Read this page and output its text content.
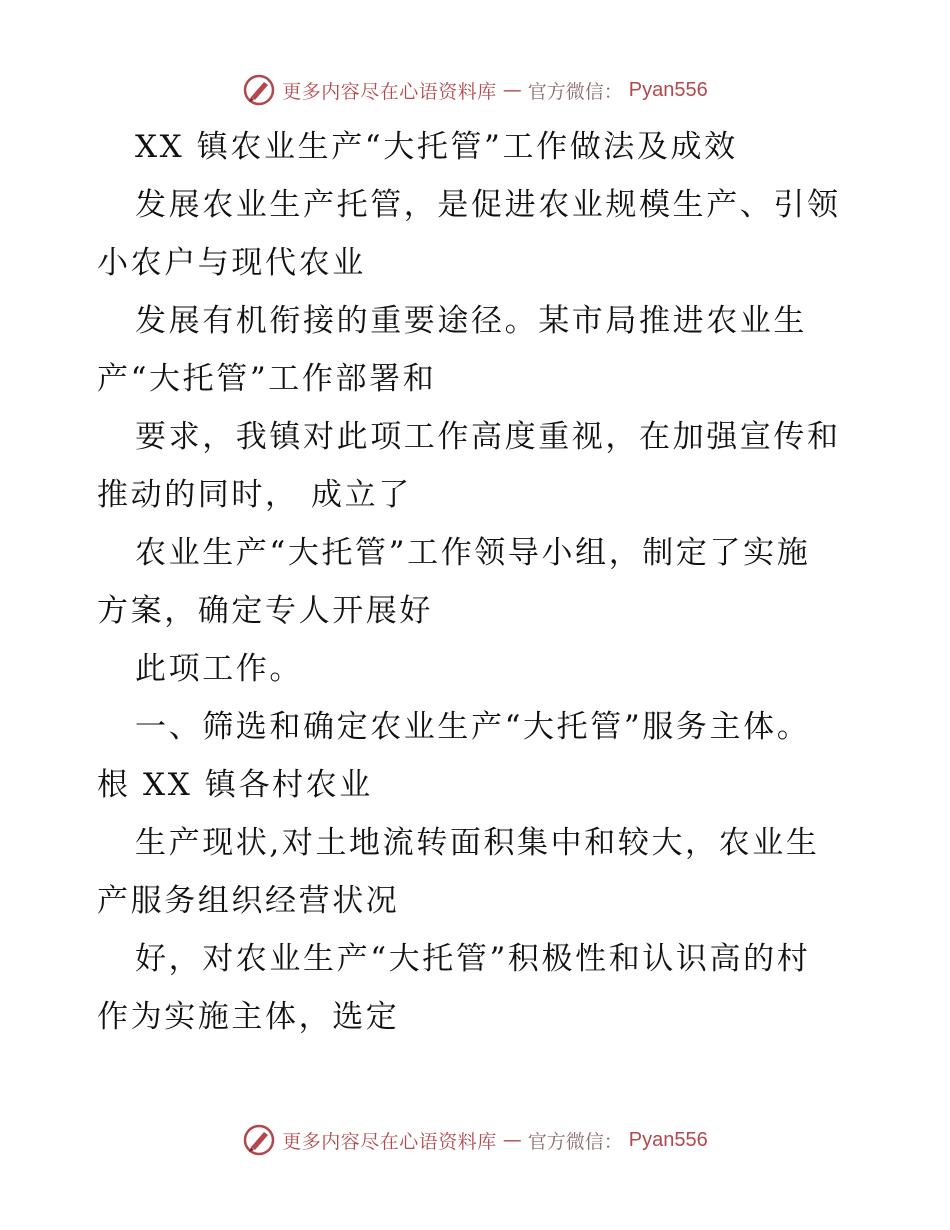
更多内容尽在心语资料库 — 官方微信： Pyan556
XX 镇农业生产“大托管”工作做法及成效
发展农业生产托管，是促进农业规模生产、引领
小农户与现代农业
发展有机衔接的重要途径。某市局推进农业生
产“大托管”工作部署和
要求，我镇对此项工作高度重视，在加强宣传和
推动的同时， 成立了
农业生产“大托管”工作领导小组，制定了实施
方案，确定专人开展好
此项工作。
一、筛选和确定农业生产“大托管”服务主体。
根 XX 镇各村农业
生产现状,对土地流转面积集中和较大，农业生
产服务组织经营状况
好，对农业生产“大托管”积极性和认识高的村
作为实施主体，选定
更多内容尽在心语资料库 — 官方微信： Pyan556
